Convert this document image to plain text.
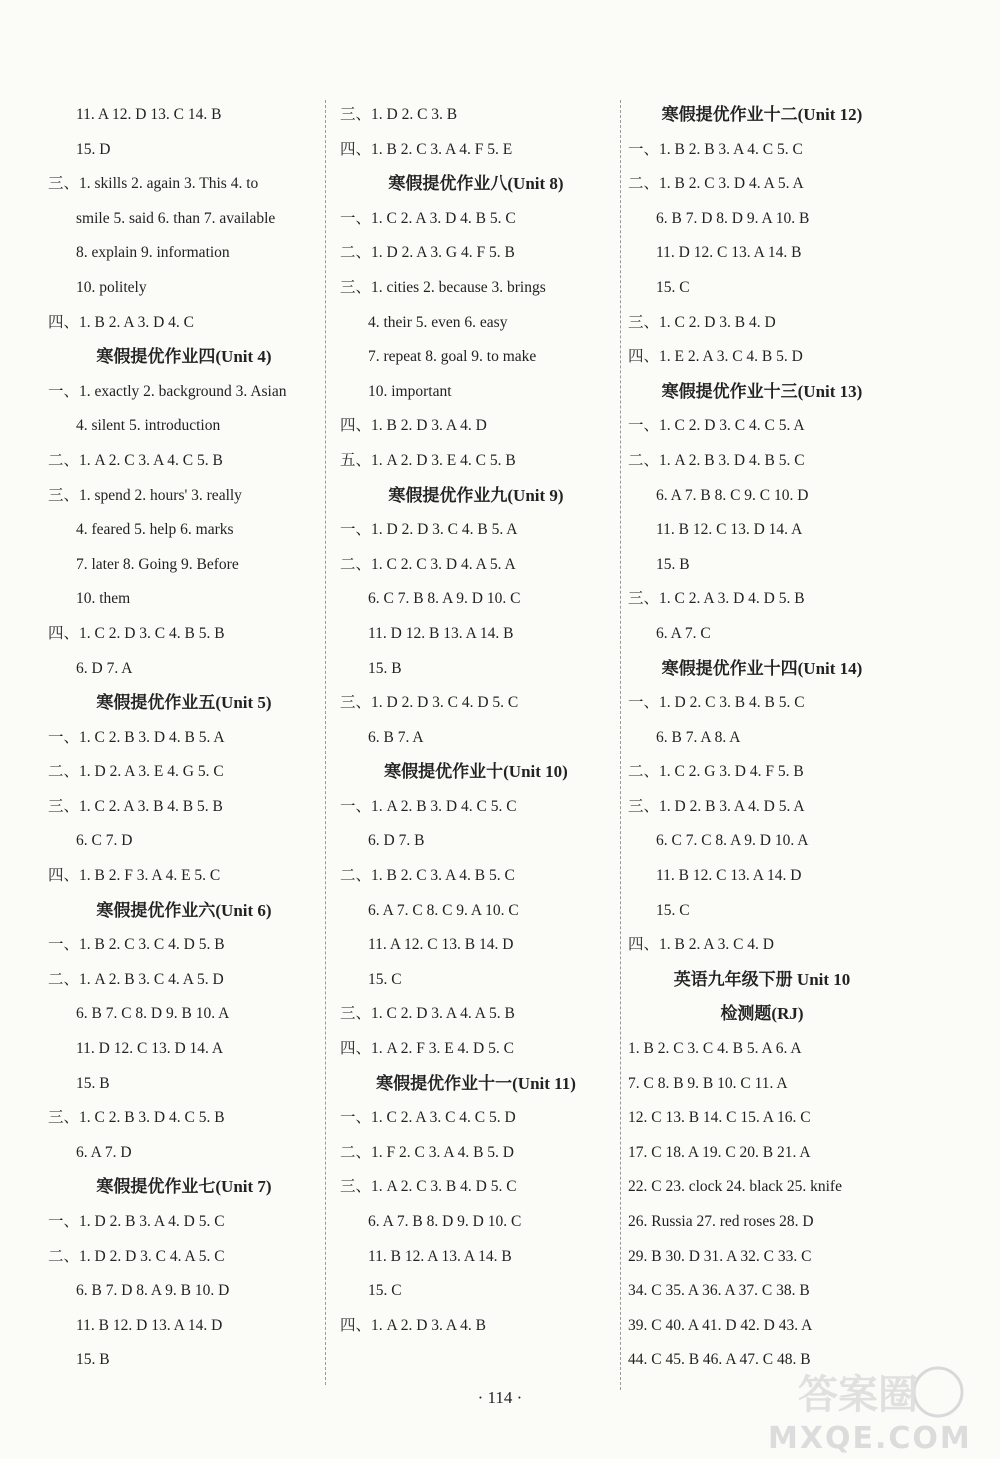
11. A 12. D 13. C 14. B
15. D
三、1. skills 2. again 3. This 4. to
smile 5. said 6. than 7. available
8. explain 9. information
10. politely
四、1. B 2. A 3. D 4. C
寒假提优作业四(Unit 4)
一、1. exactly 2. background 3. Asian
4. silent 5. introduction
二、1. A 2. C 3. A 4. C 5. B
三、1. spend 2. hours' 3. really
4. feared 5. help 6. marks
7. later 8. Going 9. Before
10. them
四、1. C 2. D 3. C 4. B 5. B
6. D 7. A
寒假提优作业五(Unit 5)
一、1. C 2. B 3. D 4. B 5. A
二、1. D 2. A 3. E 4. G 5. C
三、1. C 2. A 3. B 4. B 5. B
6. C 7. D
四、1. B 2. F 3. A 4. E 5. C
寒假提优作业六(Unit 6)
一、1. B 2. C 3. C 4. D 5. B
二、1. A 2. B 3. C 4. A 5. D
6. B 7. C 8. D 9. B 10. A
11. D 12. C 13. D 14. A
15. B
三、1. C 2. B 3. D 4. C 5. B
6. A 7. D
寒假提优作业七(Unit 7)
一、1. D 2. B 3. A 4. D 5. C
二、1. D 2. D 3. C 4. A 5. C
6. B 7. D 8. A 9. B 10. D
11. B 12. D 13. A 14. D
15. B
三、1. D 2. C 3. B
四、1. B 2. C 3. A 4. F 5. E
寒假提优作业八(Unit 8)
一、1. C 2. A 3. D 4. B 5. C
二、1. D 2. A 3. G 4. F 5. B
三、1. cities 2. because 3. brings
4. their 5. even 6. easy
7. repeat 8. goal 9. to make
10. important
四、1. B 2. D 3. A 4. D
五、1. A 2. D 3. E 4. C 5. B
寒假提优作业九(Unit 9)
一、1. D 2. D 3. C 4. B 5. A
二、1. C 2. C 3. D 4. A 5. A
6. C 7. B 8. A 9. D 10. C
11. D 12. B 13. A 14. B
15. B
三、1. D 2. D 3. C 4. D 5. C
6. B 7. A
寒假提优作业十(Unit 10)
一、1. A 2. B 3. D 4. C 5. C
6. D 7. B
二、1. B 2. C 3. A 4. B 5. C
6. A 7. C 8. C 9. A 10. C
11. A 12. C 13. B 14. D
15. C
三、1. C 2. D 3. A 4. A 5. B
四、1. A 2. F 3. E 4. D 5. C
寒假提优作业十一(Unit 11)
一、1. C 2. A 3. C 4. C 5. D
二、1. F 2. C 3. A 4. B 5. D
三、1. A 2. C 3. B 4. D 5. C
6. A 7. B 8. D 9. D 10. C
11. B 12. A 13. A 14. B
15. C
四、1. A 2. D 3. A 4. B
寒假提优作业十二(Unit 12)
一、1. B 2. B 3. A 4. C 5. C
二、1. B 2. C 3. D 4. A 5. A
6. B 7. D 8. D 9. A 10. B
11. D 12. C 13. A 14. B
15. C
三、1. C 2. D 3. B 4. D
四、1. E 2. A 3. C 4. B 5. D
寒假提优作业十三(Unit 13)
一、1. C 2. D 3. C 4. C 5. A
二、1. A 2. B 3. D 4. B 5. C
6. A 7. B 8. C 9. C 10. D
11. B 12. C 13. D 14. A
15. B
三、1. C 2. A 3. D 4. D 5. B
6. A 7. C
寒假提优作业十四(Unit 14)
一、1. D 2. C 3. B 4. B 5. C
6. B 7. A 8. A
二、1. C 2. G 3. D 4. F 5. B
三、1. D 2. B 3. A 4. D 5. A
6. C 7. C 8. A 9. D 10. A
11. B 12. C 13. A 14. D
15. C
四、1. B 2. A 3. C 4. D
英语九年级下册 Unit 10
检测题(RJ)
1. B 2. C 3. C 4. B 5. A 6. A
7. C 8. B 9. B 10. C 11. A
12. C 13. B 14. C 15. A 16. C
17. C 18. A 19. C 20. B 21. A
22. C 23. clock 24. black 25. knife
26. Russia 27. red roses 28. D
29. B 30. D 31. A 32. C 33. C
34. C 35. A 36. A 37. C 38. B
39. C 40. A 41. D 42. D 43. A
44. C 45. B 46. A 47. C 48. B
· 114 ·	答案圈
MXQE.COM
